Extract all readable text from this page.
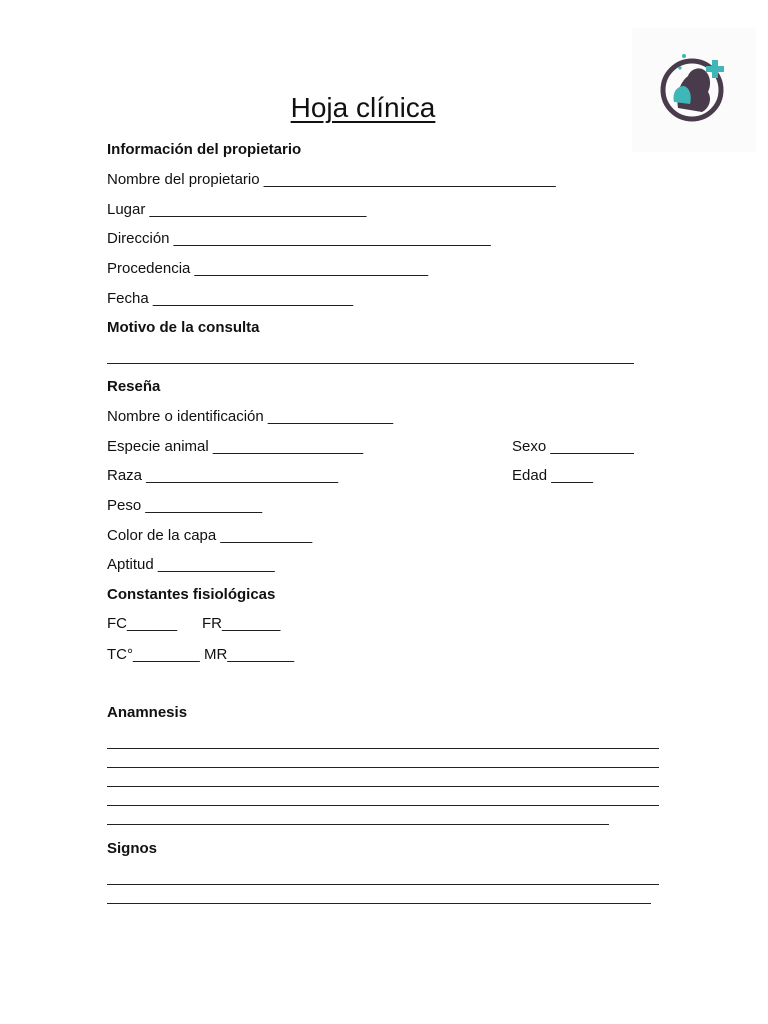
Hoja clínica
Información del propietario
Nombre del propietario ___________________________________
Lugar __________________________
Dirección ______________________________________
Procedencia ____________________________
Fecha ________________________
Motivo de la consulta
Reseña
Nombre o identificación _______________
Especie animal __________________	Sexo __________
Raza _______________________	Edad _____
Peso ______________
Color de la capa ___________
Aptitud ______________
Constantes fisiológicas
FC______ FR_______
TC°________ MR________
Anamnesis
Signos
